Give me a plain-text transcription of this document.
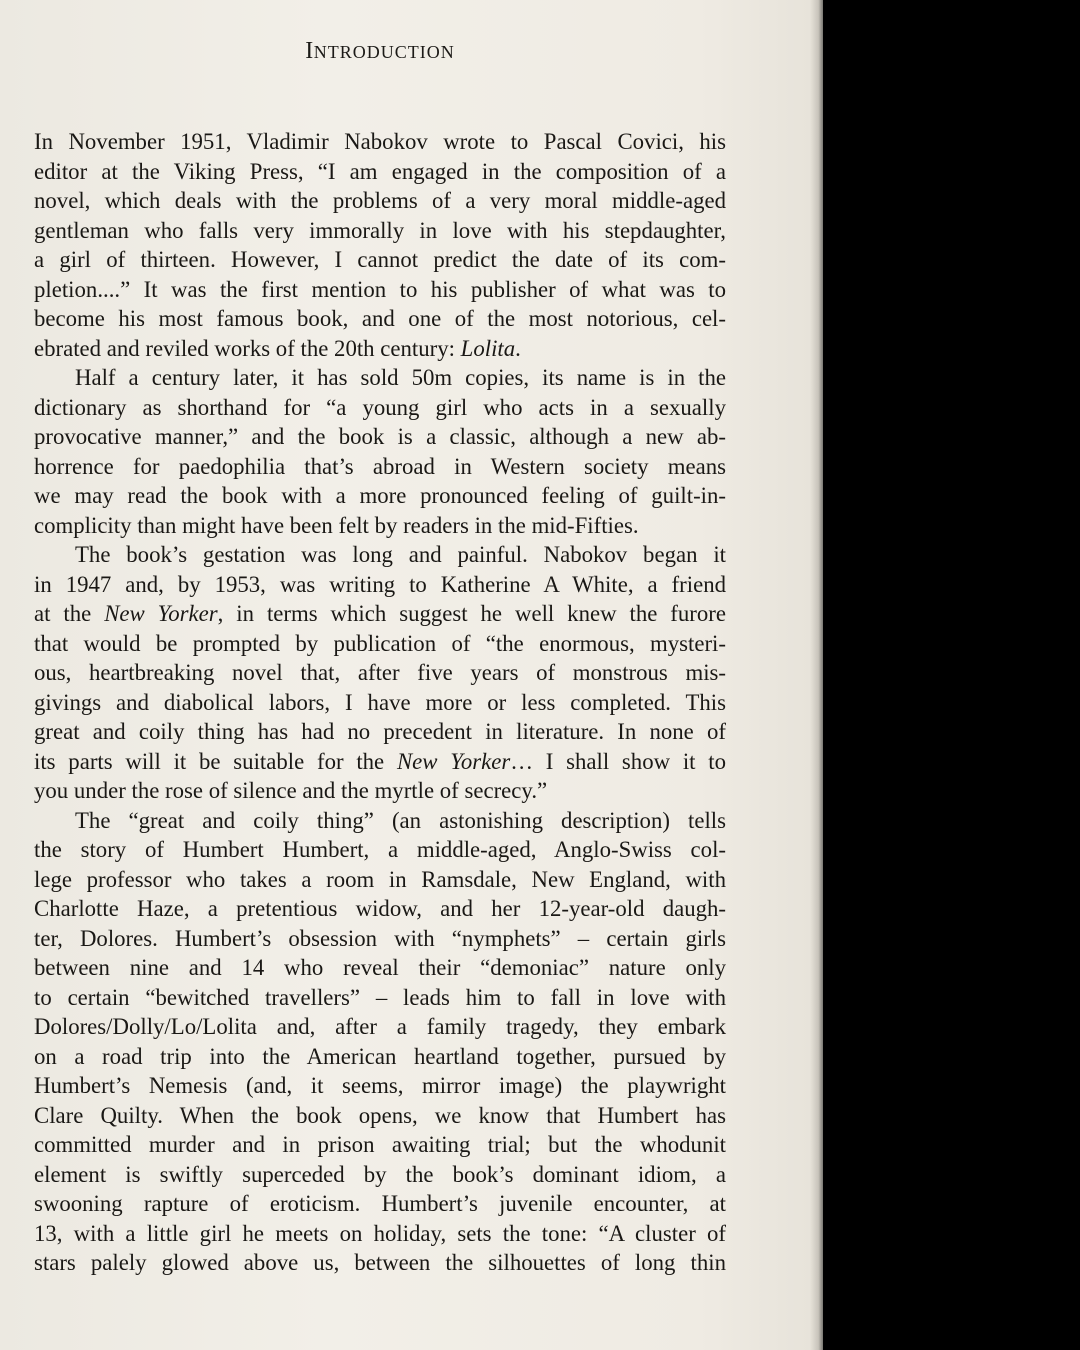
INTRODUCTION
In November 1951, Vladimir Nabokov wrote to Pascal Covici, his
editor at the Viking Press, “I am engaged in the composition of a
novel, which deals with the problems of a very moral middle-aged
gentleman who falls very immorally in love with his stepdaughter,
a girl of thirteen. However, I cannot predict the date of its com-
pletion....” It was the first mention to his publisher of what was to
become his most famous book, and one of the most notorious, cel-
ebrated and reviled works of the 20th century: Lolita.
Half a century later, it has sold 50m copies, its name is in the
dictionary as shorthand for “a young girl who acts in a sexually
provocative manner,” and the book is a classic, although a new ab-
horrence for paedophilia that’s abroad in Western society means
we may read the book with a more pronounced feeling of guilt-in-
complicity than might have been felt by readers in the mid-Fifties.
The book’s gestation was long and painful. Nabokov began it
in 1947 and, by 1953, was writing to Katherine A White, a friend
at the New Yorker, in terms which suggest he well knew the furore
that would be prompted by publication of “the enormous, mysteri-
ous, heartbreaking novel that, after five years of monstrous mis-
givings and diabolical labors, I have more or less completed. This
great and coily thing has had no precedent in literature. In none of
its parts will it be suitable for the New Yorker… I shall show it to
you under the rose of silence and the myrtle of secrecy.”
The “great and coily thing” (an astonishing description) tells
the story of Humbert Humbert, a middle-aged, Anglo-Swiss col-
lege professor who takes a room in Ramsdale, New England, with
Charlotte Haze, a pretentious widow, and her 12-year-old daugh-
ter, Dolores. Humbert’s obsession with “nymphets” – certain girls
between nine and 14 who reveal their “demoniac” nature only
to certain “bewitched travellers” – leads him to fall in love with
Dolores/Dolly/Lo/Lolita and, after a family tragedy, they embark
on a road trip into the American heartland together, pursued by
Humbert’s Nemesis (and, it seems, mirror image) the playwright
Clare Quilty. When the book opens, we know that Humbert has
committed murder and in prison awaiting trial; but the whodunit
element is swiftly superceded by the book’s dominant idiom, a
swooning rapture of eroticism. Humbert’s juvenile encounter, at
13, with a little girl he meets on holiday, sets the tone: “A cluster of
stars palely glowed above us, between the silhouettes of long thin
